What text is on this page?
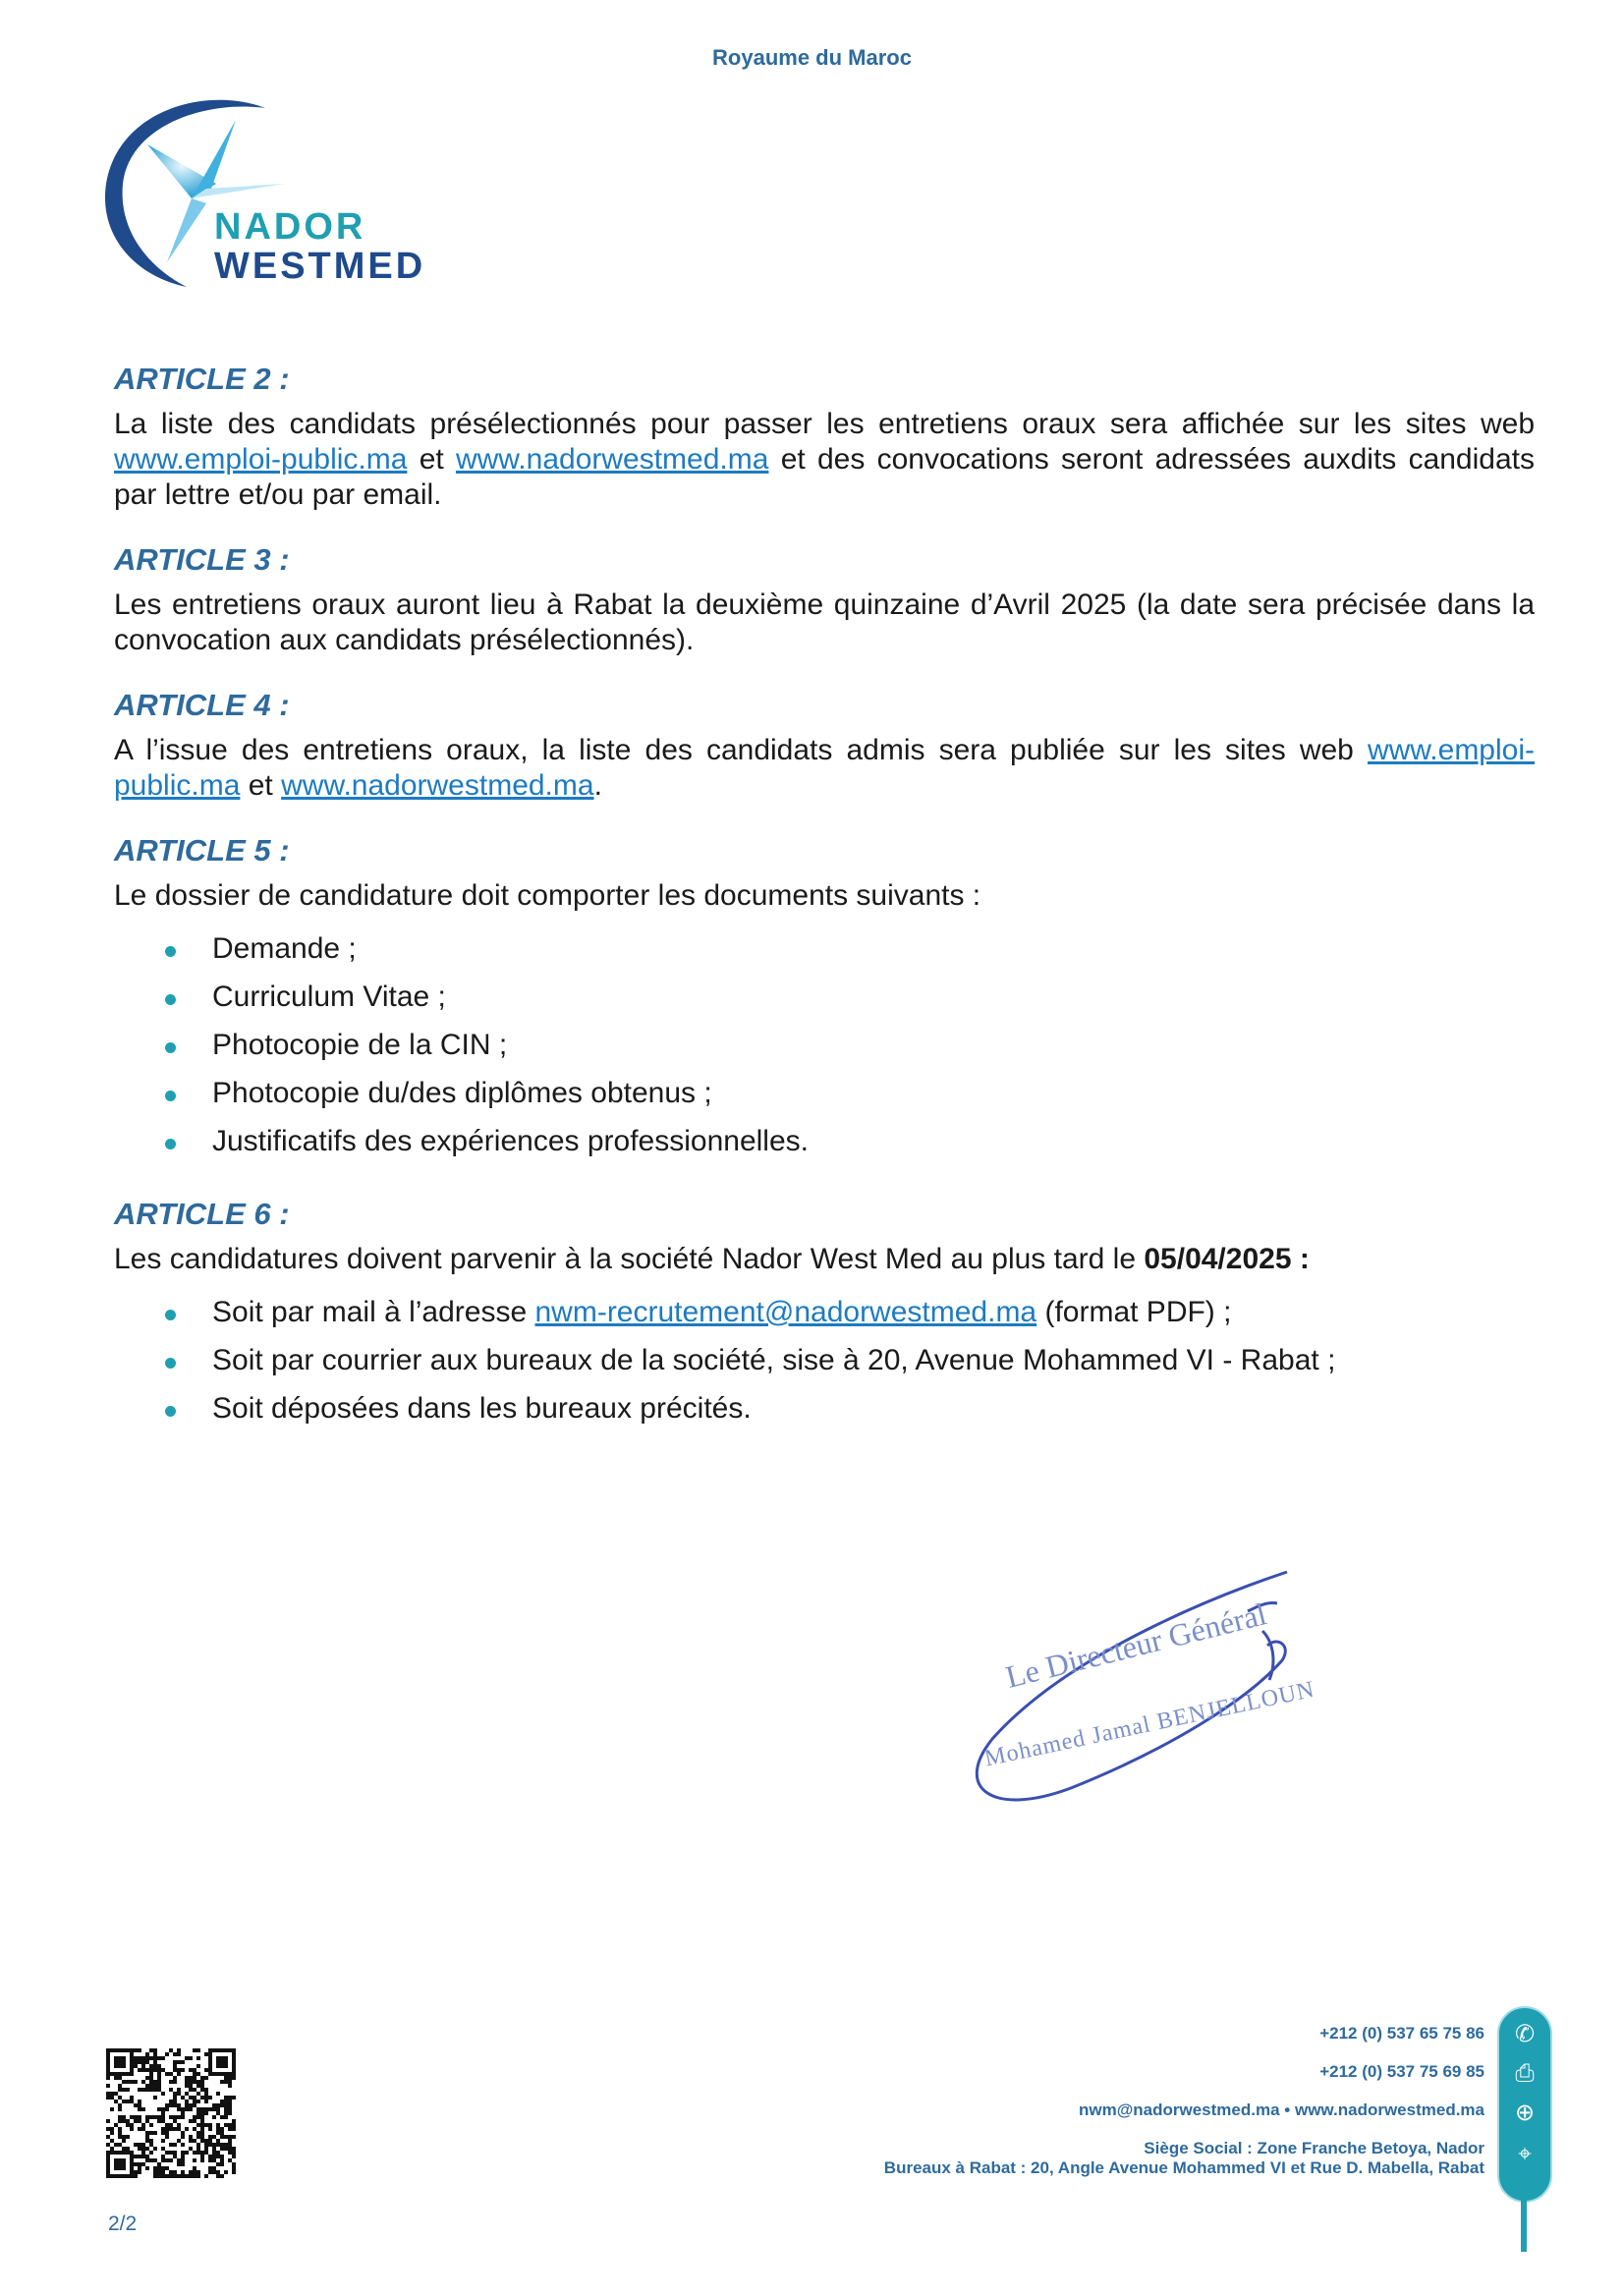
Royaume du Maroc
NADOR
WESTMED
ARTICLE 2 :

La liste des candidats présélectionnés pour passer les entretiens oraux sera affichée sur les sites web www.emploi-public.ma et www.nadorwestmed.ma et des convocations seront adressées auxdits candidats par lettre et/ou par email.

ARTICLE 3 :

Les entretiens oraux auront lieu à Rabat la deuxième quinzaine d’Avril 2025 (la date sera précisée dans la convocation aux candidats présélectionnés).

ARTICLE 4 :

A l’issue des entretiens oraux, la liste des candidats admis sera publiée sur les sites web www.emploi-public.ma et www.nadorwestmed.ma.

ARTICLE 5 :

Le dossier de candidature doit comporter les documents suivants :

Demande ;
Curriculum Vitae ;
Photocopie de la CIN ;
Photocopie du/des diplômes obtenus ;
Justificatifs des expériences professionnelles.
ARTICLE 6 :

Les candidatures doivent parvenir à la société Nador West Med au plus tard le 05/04/2025 :

Soit par mail à l’adresse nwm-recrutement@nadorwestmed.ma (format PDF) ;
Soit par courrier aux bureaux de la société, sise à 20, Avenue Mohammed VI - Rabat ;
Soit déposées dans les bureaux précités.
Le Directeur Général
Mohamed Jamal BENJELLOUN
2/2
+212 (0) 537 65 75 86
+212 (0) 537 75 69 85
nwm@nadorwestmed.ma • www.nadorwestmed.ma
Siège Social : Zone Franche Betoya, Nador
Bureaux à Rabat : 20, Angle Avenue Mohammed VI et Rue D. Mabella, Rabat
✆
⎙
⊕
⌖
